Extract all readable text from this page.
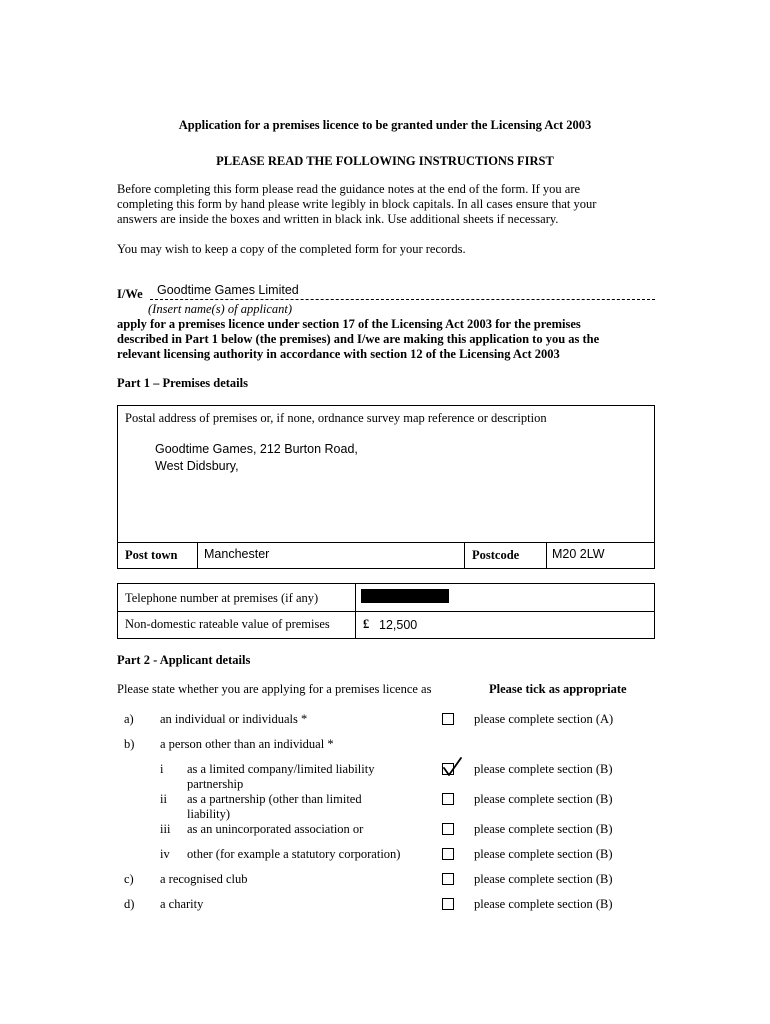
Application for a premises licence to be granted under the Licensing Act 2003
PLEASE READ THE FOLLOWING INSTRUCTIONS FIRST
Before completing this form please read the guidance notes at the end of the form. If you are
completing this form by hand please write legibly in block capitals. In all cases ensure that your
answers are inside the boxes and written in black ink. Use additional sheets if necessary.
You may wish to keep a copy of the completed form for your records.
I/We Goodtime Games Limited
(Insert name(s) of applicant)
apply for a premises licence under section 17 of the Licensing Act 2003 for the premises
described in Part 1 below (the premises) and I/we are making this application to you as the
relevant licensing authority in accordance with section 12 of the Licensing Act 2003
Part 1 – Premises details
Postal address of premises or, if none, ordnance survey map reference or description
Goodtime Games, 212 Burton Road,
West Didsbury,
Post town Manchester	Postcode	M20 2LW
Telephone number at premises (if any)
Non-domestic rateable value of premises	£ 12,500
Part 2 - Applicant details
Please state whether you are applying for a premises licence as	Please tick as appropriate
a) an individual or individuals *	please complete section (A)
b) a person other than an individual *
i as a limited company/limited liability
partnership
please complete section (B)
ii as a partnership (other than limited
liability)
please complete section (B)
iii as an unincorporated association or	please complete section (B)
iv other (for example a statutory corporation)	please complete section (B)
c) a recognised club	please complete section (B)
d) a charity	please complete section (B)
